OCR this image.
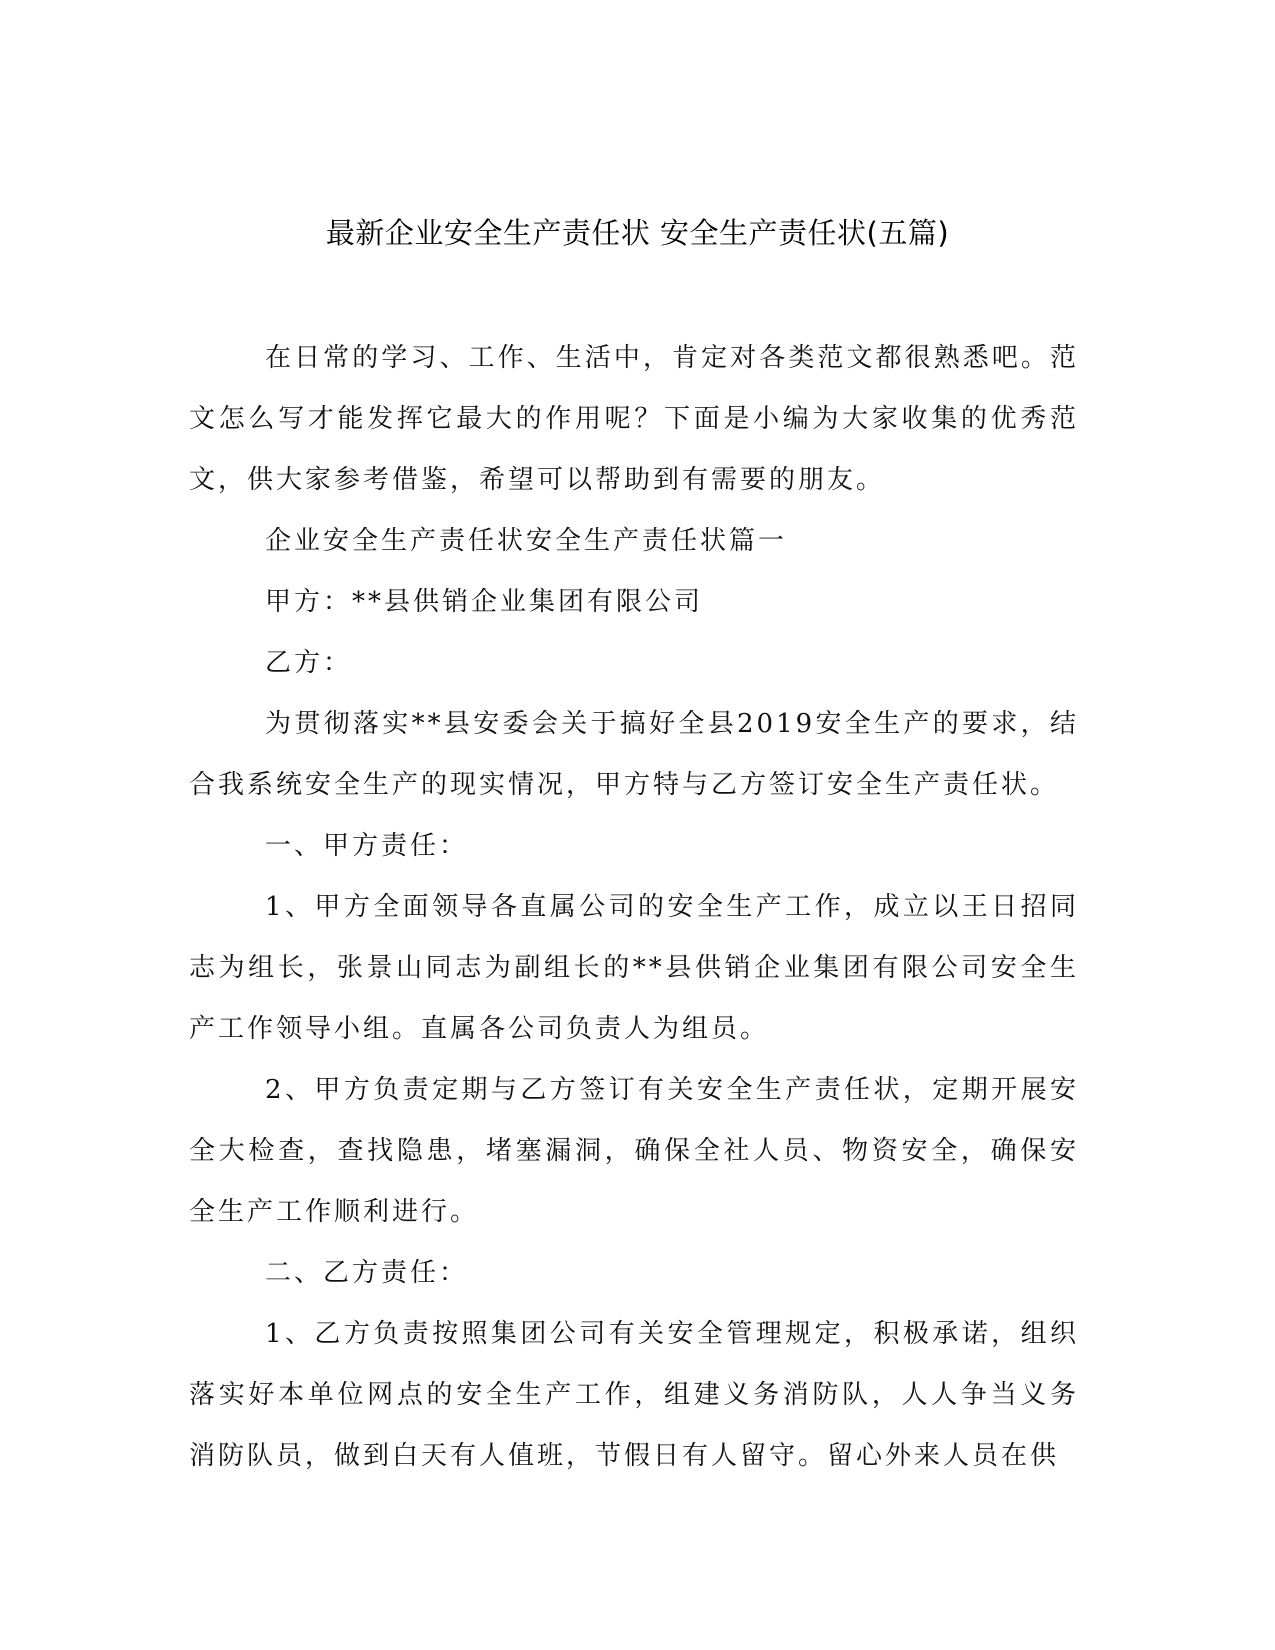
最新企业安全生产责任状 安全生产责任状(五篇)

在日常的学习、工作、生活中，肯定对各类范文都很熟悉吧。范文怎么写才能发挥它最大的作用呢？下面是小编为大家收集的优秀范文，供大家参考借鉴，希望可以帮助到有需要的朋友。

企业安全生产责任状安全生产责任状篇一

甲方：**县供销企业集团有限公司

乙方：

为贯彻落实**县安委会关于搞好全县2019安全生产的要求，结合我系统安全生产的现实情况，甲方特与乙方签订安全生产责任状。

一、甲方责任：

1、甲方全面领导各直属公司的安全生产工作，成立以王日招同志为组长，张景山同志为副组长的**县供销企业集团有限公司安全生产工作领导小组。直属各公司负责人为组员。

2、甲方负责定期与乙方签订有关安全生产责任状，定期开展安全大检查，查找隐患，堵塞漏洞，确保全社人员、物资安全，确保安全生产工作顺利进行。

二、乙方责任：

1、乙方负责按照集团公司有关安全管理规定，积极承诺，组织落实好本单位网点的安全生产工作，组建义务消防队，人人争当义务消防队员，做到白天有人值班，节假日有人留守。留心外来人员在供
